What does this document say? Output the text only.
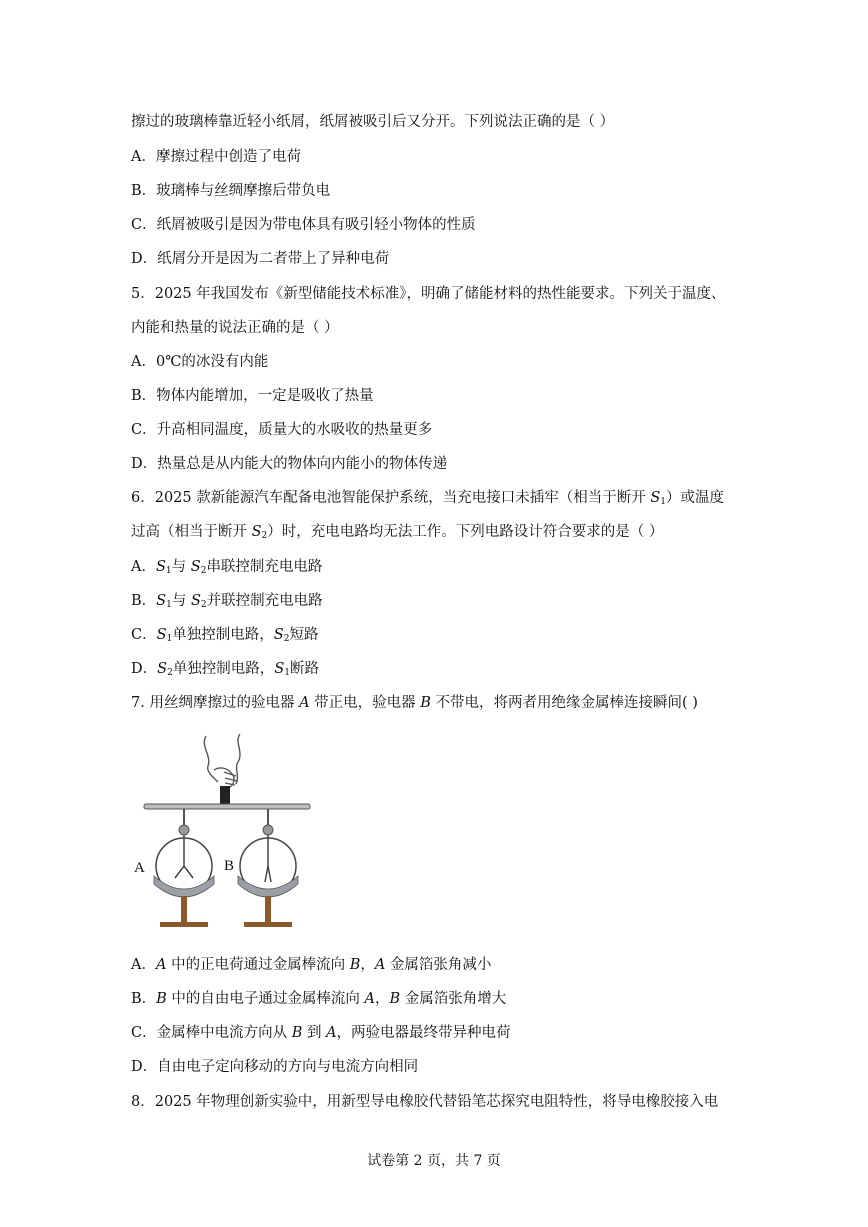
擦过的玻璃棒靠近轻小纸屑，纸屑被吸引后又分开。下列说法正确的是（ ）
A．摩擦过程中创造了电荷
B．玻璃棒与丝绸摩擦后带负电
C．纸屑被吸引是因为带电体具有吸引轻小物体的性质
D．纸屑分开是因为二者带上了异种电荷
5．2025 年我国发布《新型储能技术标准》，明确了储能材料的热性能要求。下列关于温度、
内能和热量的说法正确的是（ ）
A．0℃的冰没有内能
B．物体内能增加，一定是吸收了热量
C．升高相同温度，质量大的水吸收的热量更多
D．热量总是从内能大的物体向内能小的物体传递
6．2025 款新能源汽车配备电池智能保护系统，当充电接口未插牢（相当于断开 $S_1$）或温度
过高（相当于断开 $S_2$）时，充电电路均无法工作。下列电路设计符合要求的是（ ）
A．$S_1$与 $S_2$串联控制充电电路
B．$S_1$与 $S_2$并联控制充电电路
C．$S_1$单独控制电路，$S_2$短路
D．$S_2$单独控制电路，$S_1$断路
7. 用丝绸摩擦过的验电器 A 带正电，验电器 B 不带电，将两者用绝缘金属棒连接瞬间( )
A	B
A．A 中的正电荷通过金属棒流向 B，A 金属箔张角减小
B．B 中的自由电子通过金属棒流向 A，B 金属箔张角增大
C．金属棒中电流方向从 B 到 A，两验电器最终带异种电荷
D．自由电子定向移动的方向与电流方向相同
8．2025 年物理创新实验中，用新型导电橡胶代替铅笔芯探究电阻特性，将导电橡胶接入电
试卷第 2 页，共 7 页
